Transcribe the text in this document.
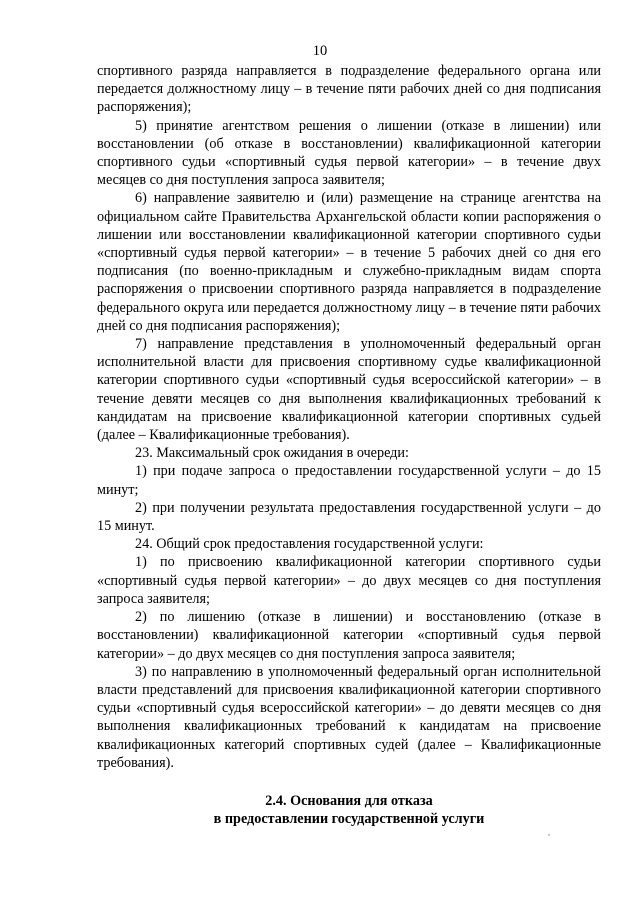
10

спортивного разряда направляется в подразделение федерального органа или передается должностному лицу – в течение пяти рабочих дней со дня подписания распоряжения);

5) принятие агентством решения о лишении (отказе в лишении) или восстановлении (об отказе в восстановлении) квалификационной категории спортивного судьи «спортивный судья первой категории» – в течение двух месяцев со дня поступления запроса заявителя;

6) направление заявителю и (или) размещение на странице агентства на официальном сайте Правительства Архангельской области копии распоряжения о лишении или восстановлении квалификационной категории спортивного судьи «спортивный судья первой категории» – в течение 5 рабочих дней со дня его подписания (по военно-прикладным и служебно-прикладным видам спорта распоряжения о присвоении спортивного разряда направляется в подразделение федерального округа или передается должностному лицу – в течение пяти рабочих дней со дня подписания распоряжения);

7) направление представления в уполномоченный федеральный орган исполнительной власти для присвоения спортивному судье квалификационной категории спортивного судьи «спортивный судья всероссийской категории» – в течение девяти месяцев со дня выполнения квалификационных требований к кандидатам на присвоение квалификационной категории спортивных судьей (далее – Квалификационные требования).

23. Максимальный срок ожидания в очереди:

1) при подаче запроса о предоставлении государственной услуги – до 15 минут;

2) при получении результата предоставления государственной услуги – до 15 минут.

24. Общий срок предоставления государственной услуги:

1) по присвоению квалификационной категории спортивного судьи «спортивный судья первой категории» – до двух месяцев со дня поступления запроса заявителя;

2) по лишению (отказе в лишении) и восстановлению (отказе в восстановлении) квалификационной категории «спортивный судья первой категории» – до двух месяцев со дня поступления запроса заявителя;

3) по направлению в уполномоченный федеральный орган исполнительной власти представлений для присвоения квалификационной категории спортивного судьи «спортивный судья всероссийской категории» – до девяти месяцев со дня выполнения квалификационных требований к кандидатам на присвоение квалификационных категорий спортивных судей (далее – Квалификационные требования).

2.4. Основания для отказа
в предоставлении государственной услуги
